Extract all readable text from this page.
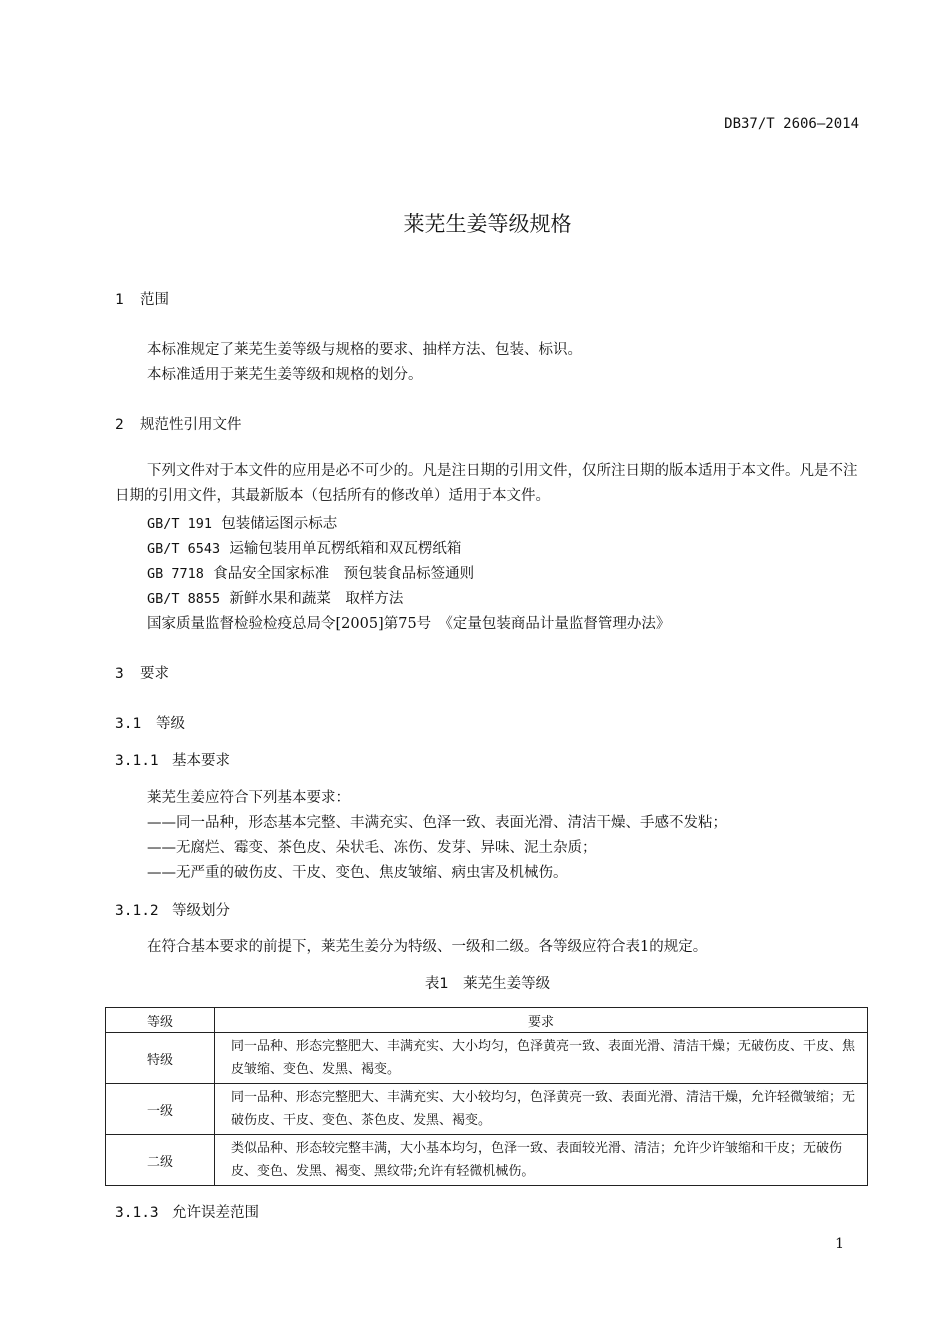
DB37/T 2606—2014
莱芜生姜等级规格
1 范围
本标准规定了莱芜生姜等级与规格的要求、抽样方法、包装、标识。
本标准适用于莱芜生姜等级和规格的划分。
2 规范性引用文件
下列文件对于本文件的应用是必不可少的。凡是注日期的引用文件，仅所注日期的版本适用于本文件。凡是不注日期的引用文件，其最新版本（包括所有的修改单）适用于本文件。
GB/T 191 包装储运图示标志
GB/T 6543 运输包装用单瓦楞纸箱和双瓦楞纸箱
GB 7718 食品安全国家标准　预包装食品标签通则
GB/T 8855 新鲜水果和蔬菜　取样方法
国家质量监督检验检疫总局令[2005]第75号　《定量包装商品计量监督管理办法》
3 要求
3.1 等级
3.1.1 基本要求
莱芜生姜应符合下列基本要求：
——同一品种，形态基本完整、丰满充实、色泽一致、表面光滑、清洁干燥、手感不发粘；
——无腐烂、霉变、茶色皮、朵状毛、冻伤、发芽、异味、泥土杂质；
——无严重的破伤皮、干皮、变色、焦皮皱缩、病虫害及机械伤。
3.1.2 等级划分
在符合基本要求的前提下，莱芜生姜分为特级、一级和二级。各等级应符合表1的规定。
表1　莱芜生姜等级
等级	要求
特级	同一品种、形态完整肥大、丰满充实、大小均匀，色泽黄亮一致、表面光滑、清洁干燥；无破伤皮、干皮、焦皮皱缩、变色、发黑、褐变。
一级	同一品种、形态完整肥大、丰满充实、大小较均匀，色泽黄亮一致、表面光滑、清洁干燥，允许轻微皱缩；无破伤皮、干皮、变色、茶色皮、发黑、褐变。
二级	类似品种、形态较完整丰满，大小基本均匀，色泽一致、表面较光滑、清洁；允许少许皱缩和干皮；无破伤皮、变色、发黑、褐变、黑纹带;允许有轻微机械伤。
3.1.3 允许误差范围
1
